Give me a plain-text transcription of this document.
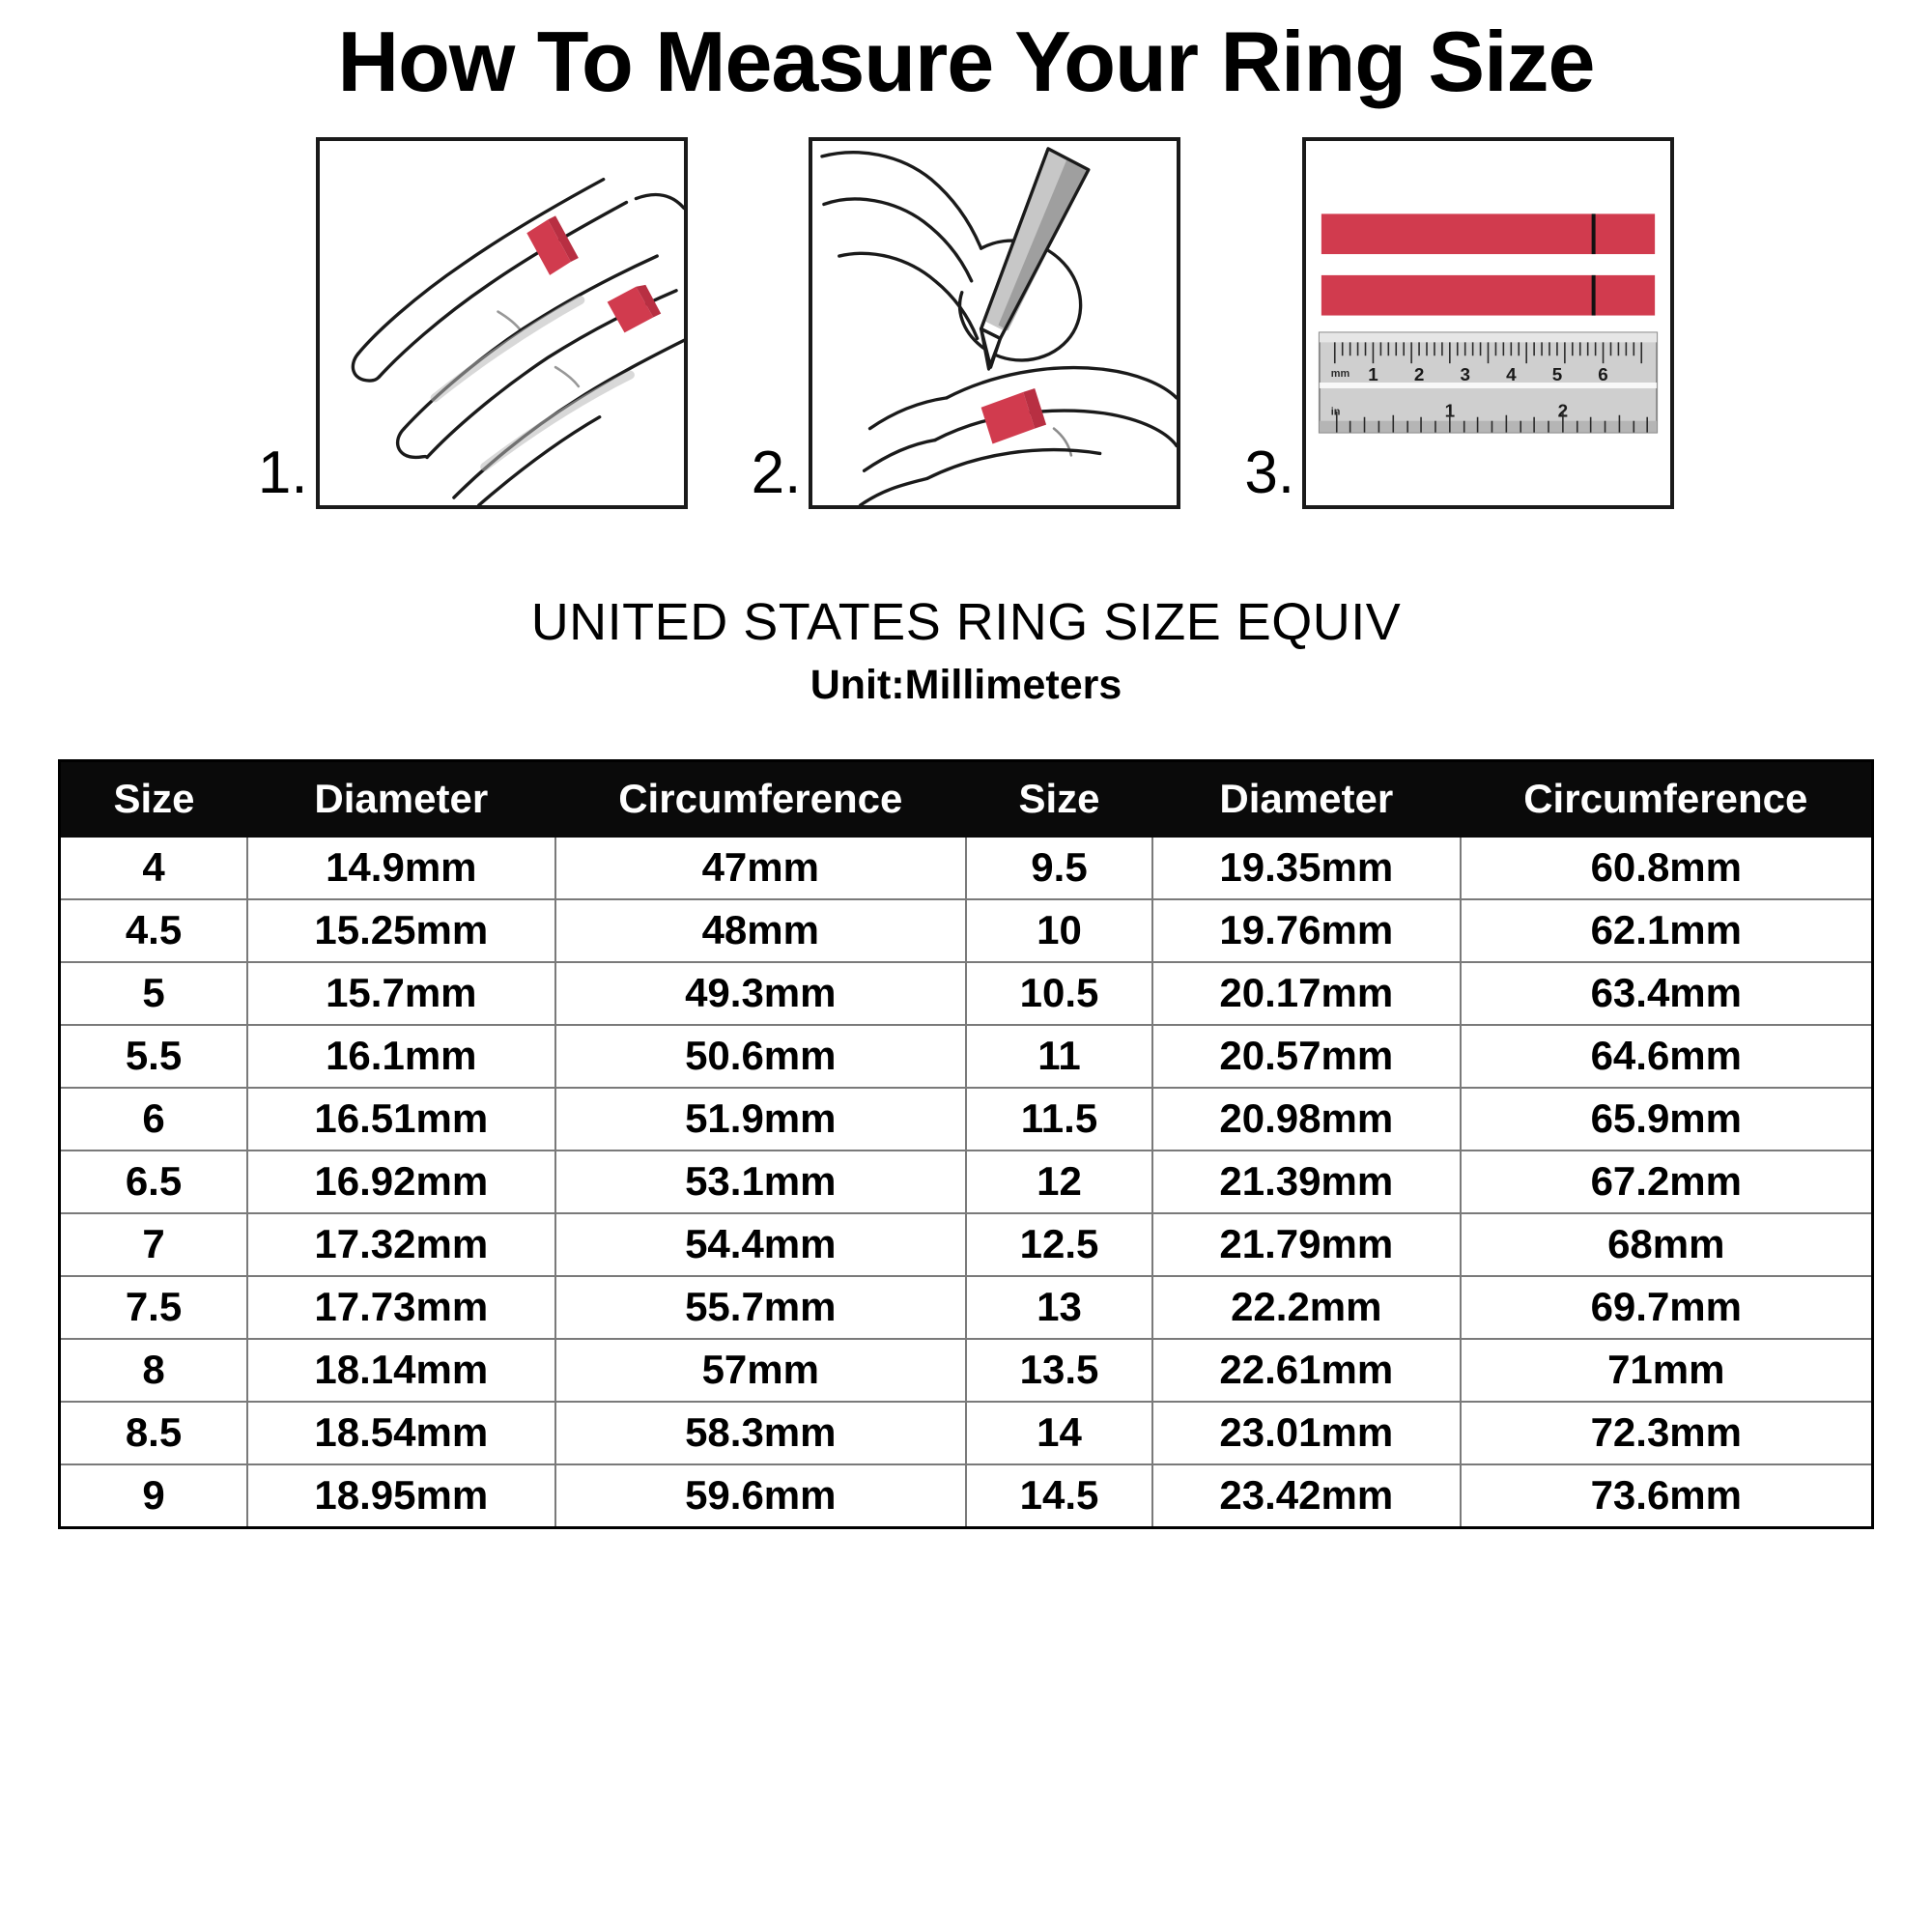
How To Measure Your Ring Size
1.	2.	3.
1 2 3 4 5 6
mm
1	2
in
UNITED STATES RING SIZE EQUIV
Unit:Millimeters
Size	Diameter	Circumference	Size	Diameter	Circumference
4	14.9mm	47mm	9.5	19.35mm	60.8mm
4.5	15.25mm	48mm	10	19.76mm	62.1mm
5	15.7mm	49.3mm	10.5	20.17mm	63.4mm
5.5	16.1mm	50.6mm	11	20.57mm	64.6mm
6	16.51mm	51.9mm	11.5	20.98mm	65.9mm
6.5	16.92mm	53.1mm	12	21.39mm	67.2mm
7	17.32mm	54.4mm	12.5	21.79mm	68mm
7.5	17.73mm	55.7mm	13	22.2mm	69.7mm
8	18.14mm	57mm	13.5	22.61mm	71mm
8.5	18.54mm	58.3mm	14	23.01mm	72.3mm
9	18.95mm	59.6mm	14.5	23.42mm	73.6mm
